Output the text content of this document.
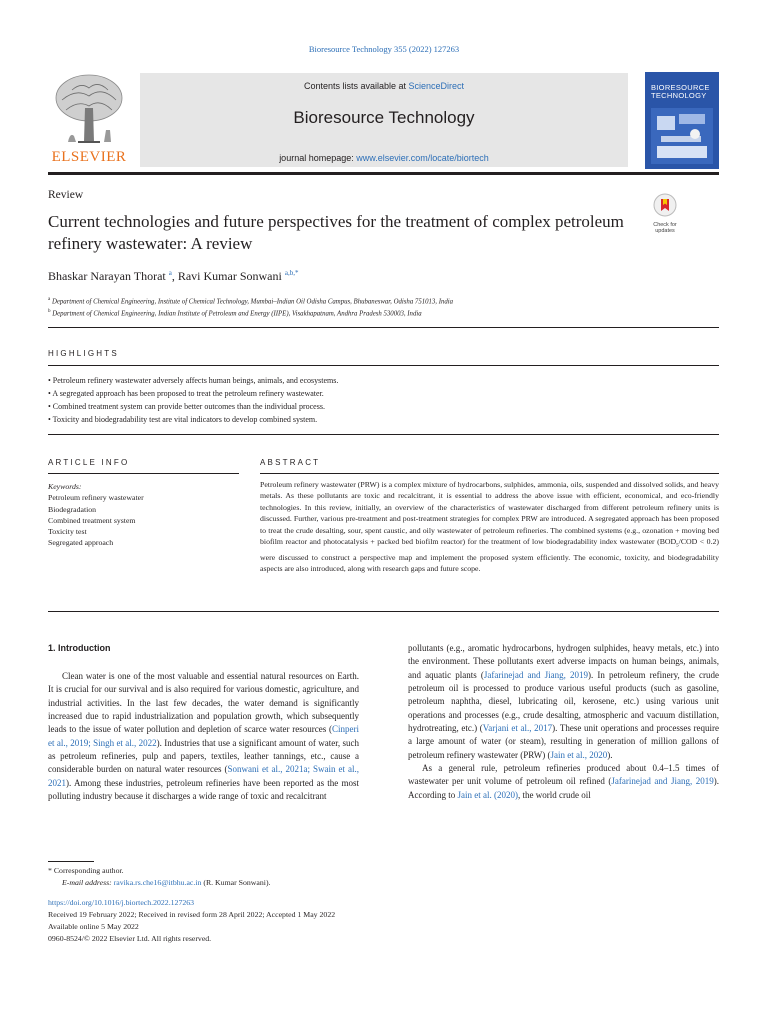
Bioresource Technology 355 (2022) 127263
ELSEVIER
Contents lists available at ScienceDirect
Bioresource Technology
journal homepage: www.elsevier.com/locate/biortech
BIORESOURCE TECHNOLOGY
Review
Current technologies and future perspectives for the treatment of complex petroleum refinery wastewater: A review
Check for
updates
Bhaskar Narayan Thorat $^a$, Ravi Kumar Sonwani $^{a,b,*}$
$^a$ Department of Chemical Engineering, Institute of Chemical Technology, Mumbai–Indian Oil Odisha Campus, Bhubaneswar, Odisha 751013, India
$^b$ Department of Chemical Engineering, Indian Institute of Petroleum and Energy (IIPE), Visakhapatnam, Andhra Pradesh 530003, India
HIGHLIGHTS
• Petroleum refinery wastewater adversely affects human beings, animals, and ecosystems.
• A segregated approach has been proposed to treat the petroleum refinery wastewater.
• Combined treatment system can provide better outcomes than the individual process.
• Toxicity and biodegradability test are vital indicators to develop combined system.
ARTICLE INFO	ABSTRACT
Keywords:
Petroleum refinery wastewater
Biodegradation
Combined treatment system
Toxicity test
Segregated approach
Petroleum refinery wastewater (PRW) is a complex mixture of hydrocarbons, sulphides, ammonia, oils, suspended and dissolved solids, and heavy metals. As these pollutants are toxic and recalcitrant, it is essential to address the above issue with efficient, economical, and eco-friendly technologies. In this review, initially, an overview of the characteristics of wastewater discharged from different petroleum refinery units is discussed. Further, various pre-treatment and post-treatment strategies for complex PRW are introduced. A segregated approach has been proposed to treat the crude desalting, sour, spent caustic, and oily wastewater of petroleum refineries. The combined systems (e.g., ozonation + moving bed biofilm reactor and photocatalysis + packed bed biofilm reactor) for the treatment of low biodegradability index wastewater ($BOD_5$/COD < 0.2) were discussed to construct a perspective map and implement the proposed system efficiently. The economic, toxicity, and biodegradability aspects are also introduced, along with research gaps and future scope.
1. Introduction

Clean water is one of the most valuable and essential natural resources on Earth. It is crucial for our survival and is also required for various domestic, agriculture, and industrial activities. In the last few decades, the water demand is significantly increased due to rapid industrialization and population growth, which subsequently leads to the issue of water pollution and depletion of scarce water resources (Cinperi et al., 2019; Singh et al., 2022). Industries that use a significant amount of water, such as petroleum refineries, pulp and papers, textiles, leather tannings, etc., cause a considerable burden on natural water resources (Sonwani et al., 2021a; Swain et al., 2021). Among these industries, petroleum refineries have been reported as the most polluting industry because it discharges a wide range of toxic and recalcitrant

pollutants (e.g., aromatic hydrocarbons, hydrogen sulphides, heavy metals, etc.) into the environment. These pollutants exert adverse impacts on human beings, animals, and aquatic plants (Jafarinejad and Jiang, 2019). In petroleum refinery, the crude petroleum oil is processed to produce various useful products (such as gasoline, petroleum naphtha, diesel, lubricating oil, kerosene, etc.) using various unit operations and processes (e.g., crude desalting, atmospheric and vacuum distillation, hydrotreating, etc.) (Varjani et al., 2017). These unit operations and processes require a large amount of water (or steam), resulting in generation of million gallons of petroleum refinery wastewater (PRW) (Jain et al., 2020).

As a general rule, petroleum refineries produced about 0.4–1.5 times of wastewater per unit volume of petroleum oil refined (Jafarinejad and Jiang, 2019). According to Jain et al. (2020), the world crude oil

* Corresponding author.
E-mail address: ravika.rs.che16@itbhu.ac.in (R. Kumar Sonwani).
https://doi.org/10.1016/j.biortech.2022.127263
Received 19 February 2022; Received in revised form 28 April 2022; Accepted 1 May 2022
Available online 5 May 2022
0960-8524/© 2022 Elsevier Ltd. All rights reserved.
